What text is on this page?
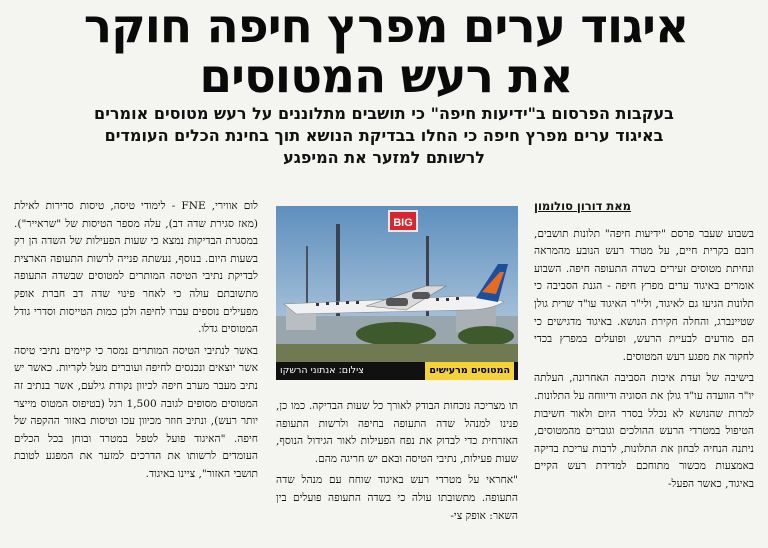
איגוד ערים מפרץ חיפה חוקר
את רעש המטוסים
בעקבות הפרסום ב"ידיעות חיפה" כי תושבים מתלוננים על רעש מטוסים אומרים
באיגוד ערים מפרץ חיפה כי החלו בבדיקת הנושא תוך בחינת הכלים העומדים
לרשותם למזער את המיפגע
מאת דורון סולומון

בשבוע שעבר פרסם "ידיעות חיפה" תלונות תושבים, רובם בקרית חיים, על מטרד רעש הנובע מהמראה ונחיתת מטוסים זעירים בשדה התעופה חיפה. השבוע אומרים באיגוד ערים מפרץ חיפה - הגנת הסביבה כי תלונות הגיעו גם לאיגוד, ולי"ר האיגוד עו"ד שרית גולן שטיינברג, והחלה חקירת הנושא. באיגוד מדגישים כי הם מודעים לבעיית הרעש, ופועלים במפרץ בכדי לחקור את מפגע רעש המטוסים.

בישיבה של ועדת איכות הסביבה האחרונה, העלתה יו"ר הוועדה עו"ד גולן את הסוגיה ודיווחה על התלונות. למרות שהנושא לא נכלל בסדר היום ולאור חשיבות הטיפול במטרדי הרעש ההולכים וגוברים מהמטוסים, ניתנה הנחיה לבחון את התלונות, לרבות עריכת בדיקה באמצעות מכשור מתוחכם למדידת רעש הקיים באיגוד, כאשר הפעל-

BIG
המטוסים מרעישים
צילום: אנתוני הרשקו

תו מצריכה נוכחות הבודק לאורך כל שעות הבדיקה. כמו כן, פנינו למנהל שדה התעופה בחיפה ולרשות התעופה האזרחית כדי לבדוק את נפח הפעילות לאור הגידול הנוסף, שעות פעילות, נתיבי הטיסה ובאם יש חריגה מהם.

"אחראי על מטרדי רעש באיגוד שוחח עם מנהל שדה התעופה. מתשובתו עולה כי בשדה התעופה פועלים בין השאר: אופק צי-

לום אווירי, FNE - לימודי טיסה, טיסות סדירות לאילת (מאז סגירת שדה דב), עלה מספר הטיסות של "שראייר"). במסגרת הבדיקות נמצא כי שעות הפעילות של השדה הן רק בשעות היום. בנוסף, נעשתה פנייה לרשות התעופה הארצית לבדיקת נתיבי הטיסה המותרים למטוסים שבשדה התעופה מתשובתם עולה כי לאחר פינוי שדה דב חברת אופק מפעילים נוספים עברו לחיפה ולכן כמות הטייסות וסדרי גודל המטוסים גדלו.

באשר לנתיבי הטיסה המותרים נמסר כי קיימים נתיבי טיסה אשר יוצאים ונכנסים לחיפה ועוברים מעל לקריות. כאשר יש נתיב מעבר מערב חיפה לכיוון נקודת גילעם, אשר בנתיב זה המטוסים מסופים לגובה 1,500 רגל (בטיפוס המטוס מייצר יותר רעש), ונתיב חוזר מכיוון עכו וטיסות באזור ההקפה של חיפה. "האיגוד פועל לטפל במטרד ובוחן בכל הכלים העומדים לרשותו את הדרכים למזער את המפגע לטובת תושבי האזור", ציינו באיגוד.
